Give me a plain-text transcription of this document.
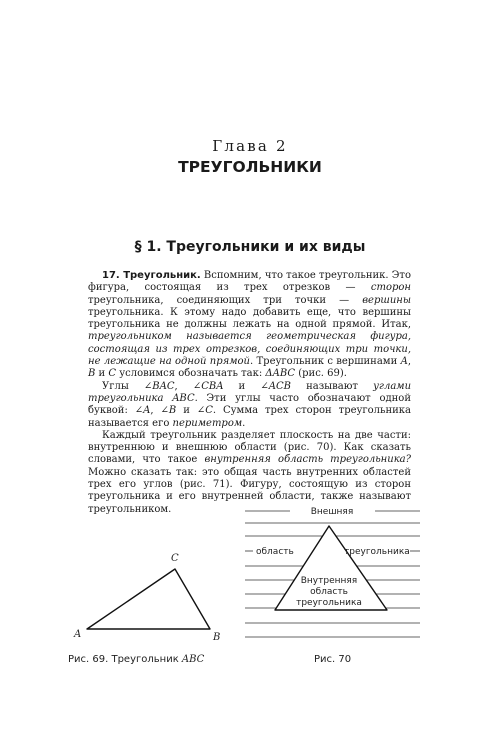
Глава 2
ТРЕУГОЛЬНИКИ
§ 1. Треугольники и их виды

17. Треугольник. Вспомним, что такое треугольник. Это фигура, состоящая из трех отрезков — сторон треугольника, соединяющих три точки — вершины треугольника. К этому надо добавить еще, что вершины треугольника не должны лежать на одной прямой. Итак, треугольником называется геометрическая фигура, состоящая из трех отрезков, соединяющих три точки, не лежащие на одной прямой. Треугольник с вершинами A, B и C условимся обозначать так: ΔABC (рис. 69).

Углы ∠BAC, ∠CBA и ∠ACB называют углами треугольника ABC. Эти углы часто обозначают одной буквой: ∠A, ∠B и ∠C. Сумма трех сторон треугольника называется его периметром.

Каждый треугольник разделяет плоскость на две части: внутреннюю и внешнюю области (рис. 70). Как сказать словами, что такое внутренняя область треугольника? Можно сказать так: это общая часть внутренних областей трех его углов (рис. 71). Фигуру, состоящую из сторон треугольника и его внутренней области, также называют треугольником.

A	B
C
Внешняя
область	треугольника
Внутренняя
область
треугольника
Рис. 69. Треугольник ABC	Рис. 70
